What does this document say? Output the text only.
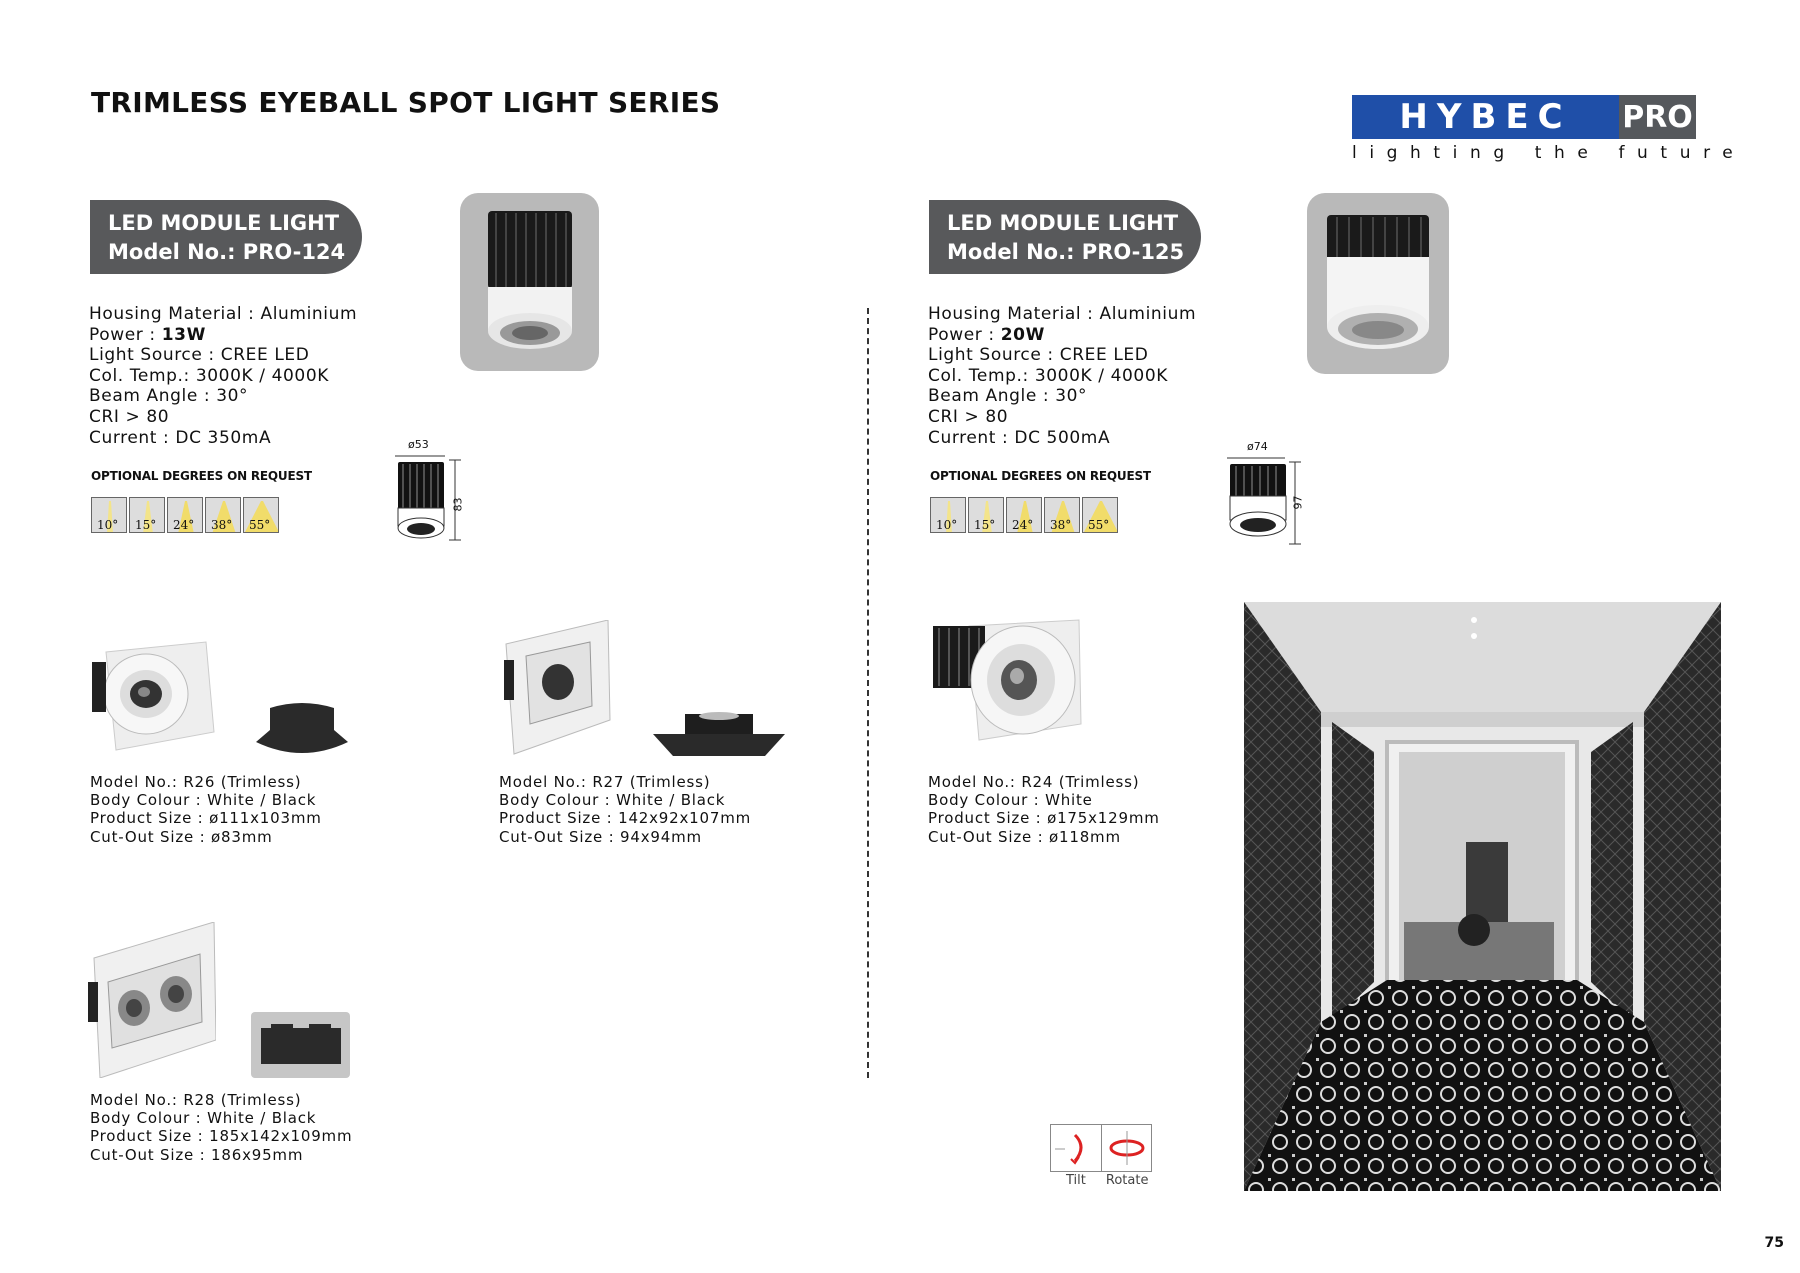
TRIMLESS EYEBALL SPOT LIGHT SERIES	HYBEC	PRO
lighting the future
LED MODULE LIGHT
Model No.: PRO-124
Housing Material : Aluminium
Power : 13W
Light Source : CREE LED
Col. Temp.: 3000K / 4000K
Beam Angle : 30°
CRI > 80
Current : DC 350mA
OPTIONAL DEGREES ON REQUEST
10° 15° 24° 38° 55°
ø53
83
LED MODULE LIGHT
Model No.: PRO-125
Housing Material : Aluminium
Power : 20W
Light Source : CREE LED
Col. Temp.: 3000K / 4000K
Beam Angle : 30°
CRI > 80
Current : DC 500mA
OPTIONAL DEGREES ON REQUEST
10° 15° 24° 38° 55°
ø74
97
Model No.: R26 (Trimless)
Body Colour : White / Black
Product Size : ø111x103mm
Cut-Out Size : ø83mm
Model No.: R27 (Trimless)
Body Colour : White / Black
Product Size : 142x92x107mm
Cut-Out Size : 94x94mm
Model No.: R24 (Trimless)
Body Colour : White
Product Size : ø175x129mm
Cut-Out Size : ø118mm
Model No.: R28 (Trimless)
Body Colour : White / Black
Product Size : 185x142x109mm
Cut-Out Size : 186x95mm
Tilt Rotate
75
